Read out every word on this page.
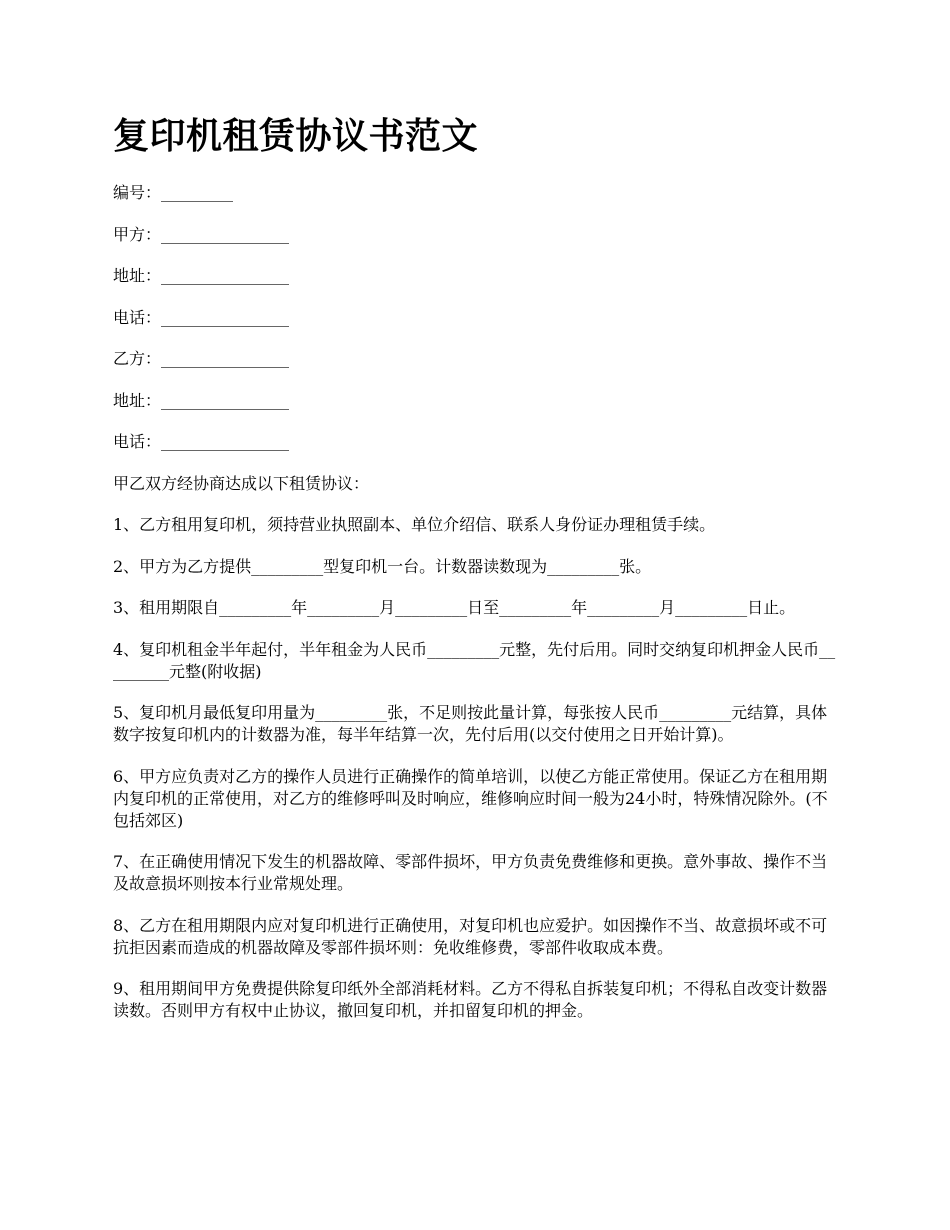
复印机租赁协议书范文
编号：_________
甲方：________________
地址：________________
电话：________________
乙方：________________
地址：________________
电话：________________

甲乙双方经协商达成以下租赁协议：

1、乙方租用复印机，须持营业执照副本、单位介绍信、联系人身份证办理租赁手续。

2、甲方为乙方提供_________型复印机一台。计数器读数现为_________张。

3、租用期限自_________年_________月_________日至_________年_________月_________日止。

4、复印机租金半年起付，半年租金为人民币_________元整，先付后用。同时交纳复印机押金人民币_________元整(附收据)

5、复印机月最低复印用量为_________张，不足则按此量计算，每张按人民币_________元结算，具体数字按复印机内的计数器为准，每半年结算一次，先付后用(以交付使用之日开始计算)。

6、甲方应负责对乙方的操作人员进行正确操作的简单培训，以使乙方能正常使用。保证乙方在租用期内复印机的正常使用，对乙方的维修呼叫及时响应，维修响应时间一般为24小时，特殊情况除外。(不包括郊区)

7、在正确使用情况下发生的机器故障、零部件损坏，甲方负责免费维修和更换。意外事故、操作不当及故意损坏则按本行业常规处理。

8、乙方在租用期限内应对复印机进行正确使用，对复印机也应爱护。如因操作不当、故意损坏或不可抗拒因素而造成的机器故障及零部件损坏则：免收维修费，零部件收取成本费。

9、租用期间甲方免费提供除复印纸外全部消耗材料。乙方不得私自拆装复印机；不得私自改变计数器读数。否则甲方有权中止协议，撤回复印机，并扣留复印机的押金。
